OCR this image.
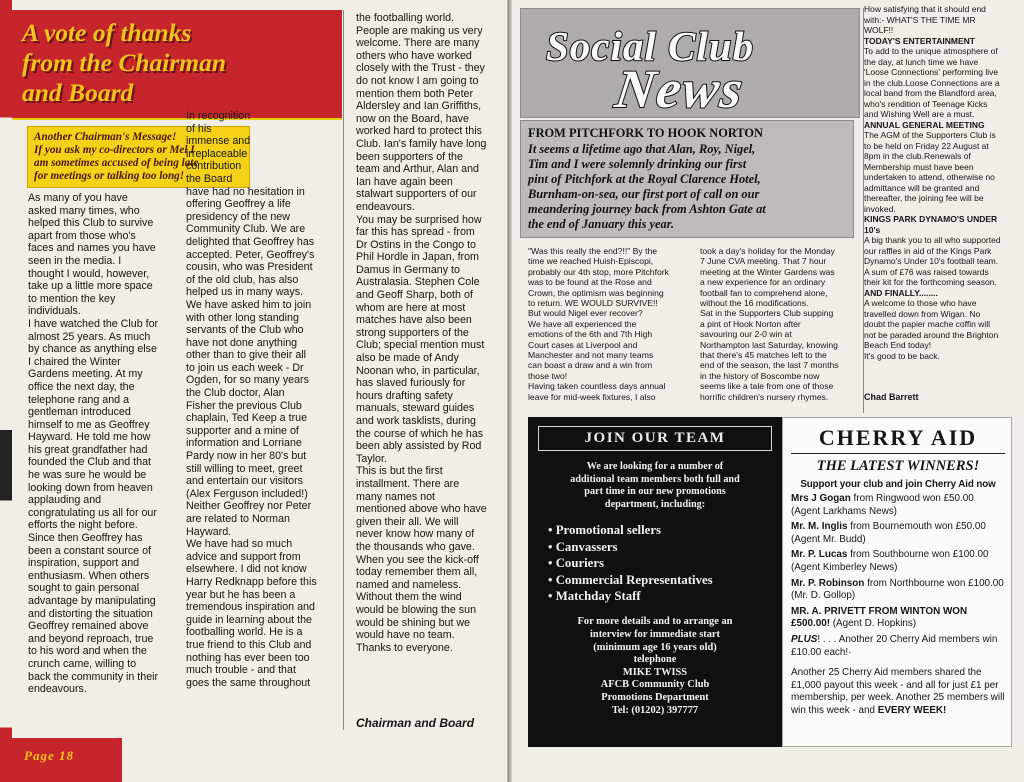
A vote of thanks
from the Chairman
and Board
Another Chairman's Message!
If you ask my co-directors or Mel I
am sometimes accused of being late
for meetings or talking too long!
As many of you have
asked many times, who
helped this Club to survive
apart from those who's
faces and names you have
seen in the media. I
thought I would, however,
take up a little more space
to mention the key
individuals.
I have watched the Club for
almost 25 years. As much
by chance as anything else
I chaired the Winter
Gardens meeting. At my
office the next day, the
telephone rang and a
gentleman introduced
himself to me as Geoffrey
Hayward. He told me how
his great grandfather had
founded the Club and that
he was sure he would be
looking down from heaven
applauding and
congratulating us all for our
efforts the night before.
Since then Geoffrey has
been a constant source of
inspiration, support and
enthusiasm. When others
sought to gain personal
advantage by manipulating
and distorting the situation
Geoffrey remained above
and beyond reproach, true
to his word and when the
crunch came, willing to
back the community in their
endeavours.
In recognition
of his
immense and
irreplaceable
contribution
the Board
have had no hesitation in
offering Geoffrey a life
presidency of the new
Community Club. We are
delighted that Geoffrey has
accepted. Peter, Geoffrey's
cousin, who was President
of the old club, has also
helped us in many ways.
We have asked him to join
with other long standing
servants of the Club who
have not done anything
other than to give their all
to join us each week - Dr
Ogden, for so many years
the Club doctor, Alan
Fisher the previous Club
chaplain, Ted Keep a true
supporter and a mine of
information and Lorriane
Pardy now in her 80's but
still willing to meet, greet
and entertain our visitors
(Alex Ferguson included!)
Neither Geoffrey nor Peter
are related to Norman
Hayward.
We have had so much
advice and support from
elsewhere. I did not know
Harry Redknapp before this
year but he has been a
tremendous inspiration and
guide in learning about the
footballing world. He is a
true friend to this Club and
nothing has ever been too
much trouble - and that
goes the same throughout
the footballing world.
People are making us very
welcome. There are many
others who have worked
closely with the Trust - they
do not know I am going to
mention them both Peter
Aldersley and Ian Griffiths,
now on the Board, have
worked hard to protect this
Club. Ian's family have long
been supporters of the
team and Arthur, Alan and
Ian have again been
stalwart supporters of our
endeavours.
You may be surprised how
far this has spread - from
Dr Ostins in the Congo to
Phil Hordle in Japan, from
Damus in Germany to
Australasia. Stephen Cole
and Geoff Sharp, both of
whom are here at most
matches have also been
strong supporters of the
Club; special mention must
also be made of Andy
Noonan who, in particular,
has slaved furiously for
hours drafting safety
manuals, steward guides
and work tasklists, during
the course of which he has
been ably assisted by Rod
Taylor.
This is but the first
installment. There are
many names not
mentioned above who have
given their all. We will
never know how many of
the thousands who gave.
When you see the kick-off
today remember them all,
named and nameless.
Without them the wind
would be blowing the sun
would be shining but we
would have no team.
Thanks to everyone.
Chairman and Board
Page 18
Social Club
News
FROM PITCHFORK TO HOOK NORTON
It seems a lifetime ago that Alan, Roy, Nigel,
Tim and I were solemnly drinking our first
pint of Pitchfork at the Royal Clarence Hotel,
Burnham-on-sea, our first port of call on our
meandering journey back from Ashton Gate at
the end of January this year.
"Was this really the end?!!" By the
time we reached Huish-Episcopi,
probably our 4th stop, more Pitchfork
was to be found at the Rose and
Crown, the optimism was beginning
to return. WE WOULD SURVIVE!!
But would Nigel ever recover?
We have all experienced the
emotions of the 6th and 7th High
Court cases at Liverpool and
Manchester and not many teams
can boast a draw and a win from
those two!
Having taken countless days annual
leave for mid-week fixtures, I also
took a day's holiday for the Monday
7 June CVA meeting. That 7 hour
meeting at the Winter Gardens was
a new experience for an ordinary
football fan to comprehend alone,
without the 16 modifications.
Sat in the Supporters Club supping
a pint of Hook Norton after
savouring our 2-0 win at
Northampton last Saturday, knowing
that there's 45 matches left to the
end of the season, the last 7 months
in the history of Boscombe now
seems like a tale from one of those
horrific children's nursery rhymes.
How satisfying that it should end
with:- WHAT'S THE TIME MR
WOLF!!
TODAY'S ENTERTAINMENT
To add to the unique atmosphere of
the day, at lunch time we have
'Loose Connections' performing live
in the club.Loose Connections are a
local band from the Blandford area,
who's rendition of Teenage Kicks
and Wishing Well are a must.
ANNUAL GENERAL MEETING
The AGM of the Supporters Club is
to be held on Friday 22 August at
8pm in the club.Renewals of
Membership must have been
undertaken to attend, otherwise no
admittance will be granted and
thereafter, the joining fee will be
invoked.
KINGS PARK DYNAMO'S UNDER
10's
A big thank you to all who supported
our raffles in aid of the Kings Park
Dynamo's Under 10's football team.
A sum of £76 was raised towards
their kit for the forthcoming season.
AND FINALLY........
A welcome to those who have
travelled down from Wigan. No
doubt the papier mache coffin will
not be paraded around the Brighton
Beach End today!
It's good to be back.
Chad Barrett
JOIN OUR TEAM
We are looking for a number of
additional team members both full and
part time in our new promotions
department, including:
• Promotional sellers
• Canvassers
• Couriers
• Commercial Representatives
• Matchday Staff
For more details and to arrange an
interview for immediate start
(minimum age 16 years old)
telephone
MIKE TWISS
AFCB Community Club
Promotions Department
Tel: (01202) 397777
CHERRY AID
THE LATEST WINNERS!
Support your club and join Cherry Aid now
Mrs J Gogan from Ringwood won £50.00 (Agent Larkhams News)
Mr. M. Inglis from Bournemouth won £50.00 (Agent Mr. Budd)
Mr. P. Lucas from Southbourne won £100.00 (Agent Kimberley News)
Mr. P. Robinson from Northbourne won £100.00 (Mr. D. Gollop)
MR. A. PRIVETT FROM WINTON WON £500.00! (Agent D. Hopkins)
PLUS! . . . Another 20 Cherry Aid members win £10.00 each!·
Another 25 Cherry Aid members shared the £1,000 payout this week - and all for just £1 per membership, per week. Another 25 members will win this week - and EVERY WEEK!
